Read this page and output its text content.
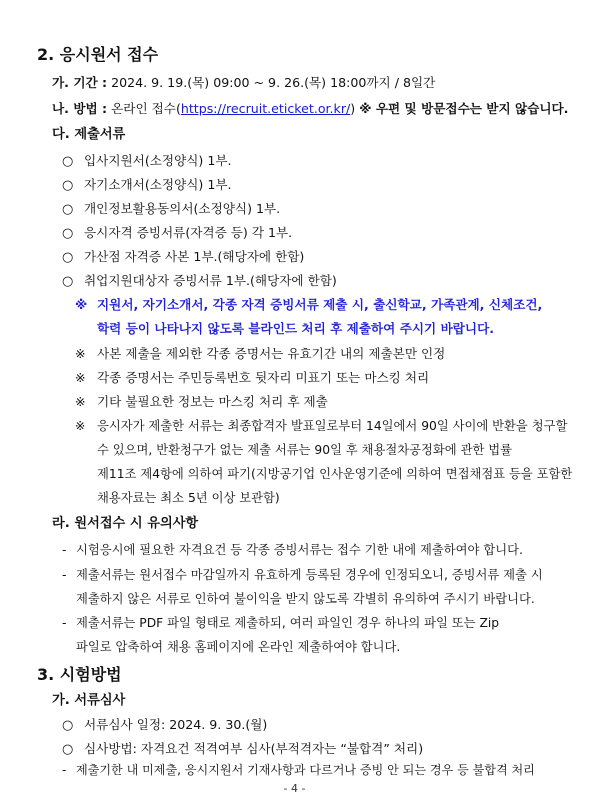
2. 응시원서 접수
가. 기간 : 2024. 9. 19.(목) 09:00 ~ 9. 26.(목) 18:00까지 / 8일간
나. 방법 : 온라인 접수(https://recruit.eticket.or.kr/) ※ 우편 및 방문접수는 받지 않습니다.
다. 제출서류
○ 입사지원서(소정양식) 1부.
○ 자기소개서(소정양식) 1부.
○ 개인정보활용동의서(소정양식) 1부.
○ 응시자격 증빙서류(자격증 등) 각 1부.
○ 가산점 자격증 사본 1부.(해당자에 한함)
○ 취업지원대상자 증빙서류 1부.(해당자에 한함)
※ 지원서, 자기소개서, 각종 자격 증빙서류 제출 시, 출신학교, 가족관계, 신체조건,
학력 등이 나타나지 않도록 블라인드 처리 후 제출하여 주시기 바랍니다.
※ 사본 제출을 제외한 각종 증명서는 유효기간 내의 제출본만 인정
※ 각종 증명서는 주민등록번호 뒷자리 미표기 또는 마스킹 처리
※ 기타 불필요한 정보는 마스킹 처리 후 제출
※ 응시자가 제출한 서류는 최종합격자 발표일로부터 14일에서 90일 사이에 반환을 청구할
수 있으며, 반환청구가 없는 제출 서류는 90일 후 채용절차공정화에 관한 법률
제11조 제4항에 의하여 파기(지방공기업 인사운영기준에 의하여 면접채점표 등을 포함한
채용자료는 최소 5년 이상 보관함)
라. 원서접수 시 유의사항
- 시험응시에 필요한 자격요건 등 각종 증빙서류는 접수 기한 내에 제출하여야 합니다.
- 제출서류는 원서접수 마감일까지 유효하게 등록된 경우에 인정되오니, 증빙서류 제출 시
제출하지 않은 서류로 인하여 불이익을 받지 않도록 각별히 유의하여 주시기 바랍니다.
- 제출서류는 PDF 파일 형태로 제출하되, 여러 파일인 경우 하나의 파일 또는 Zip
파일로 압축하여 채용 홈페이지에 온라인 제출하여야 합니다.
3. 시험방법
가. 서류심사
○ 서류심사 일정: 2024. 9. 30.(월)
- 4 -
○ 심사방법: 자격요건 적격여부 심사(부적격자는 “불합격” 처리)
- 제출기한 내 미제출, 응시지원서 기재사항과 다르거나 증빙 안 되는 경우 등 불합격 처리
